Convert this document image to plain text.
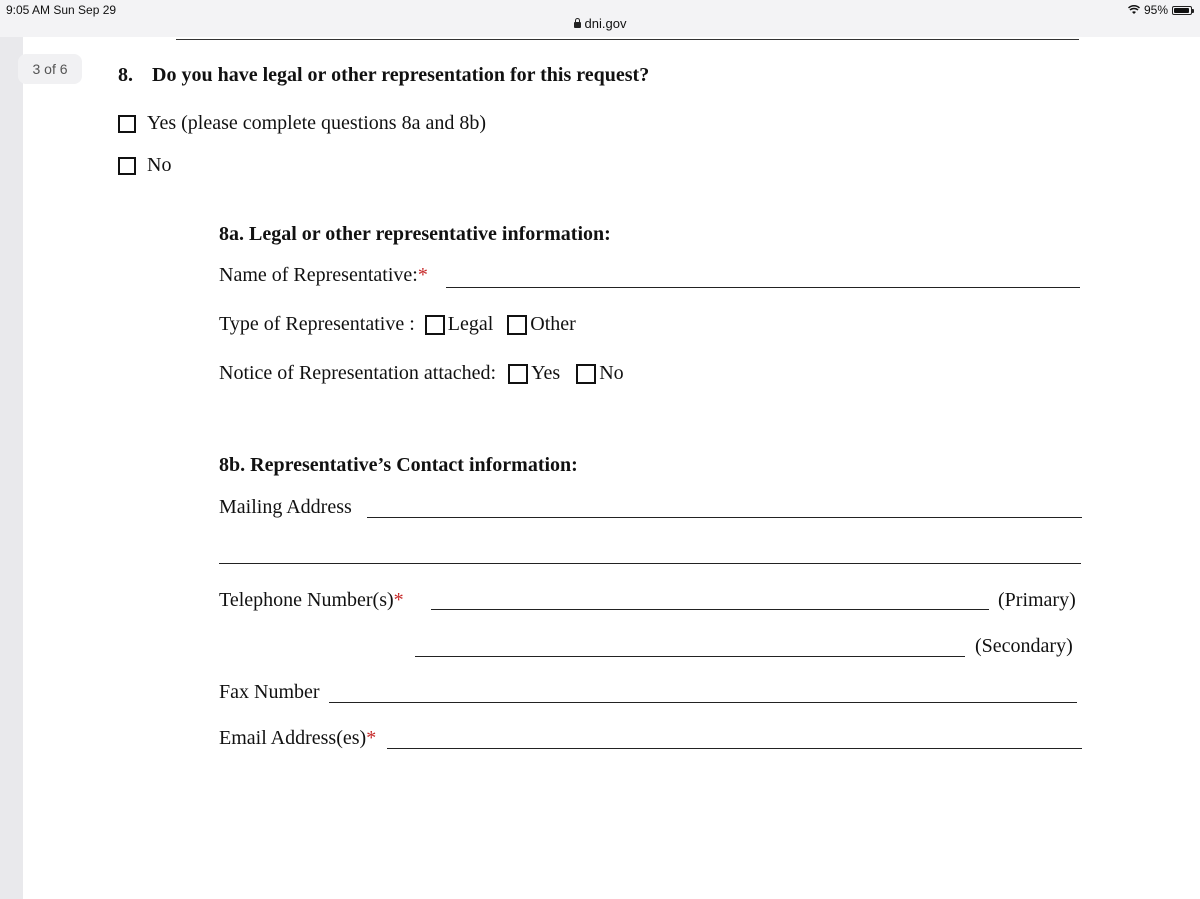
9:05 AM Sun Sep 29
dni.gov
95%
3 of 6	8. Do you have legal or other representation for this request?
Yes (please complete questions 8a and 8b)
No
8a. Legal or other representative information:
Name of Representative:*
Type of Representative : Legal Other
Notice of Representation attached: Yes No
8b. Representative’s Contact information:
Mailing Address
Telephone Number(s)*	(Primary)
(Secondary)
Fax Number
Email Address(es)*
